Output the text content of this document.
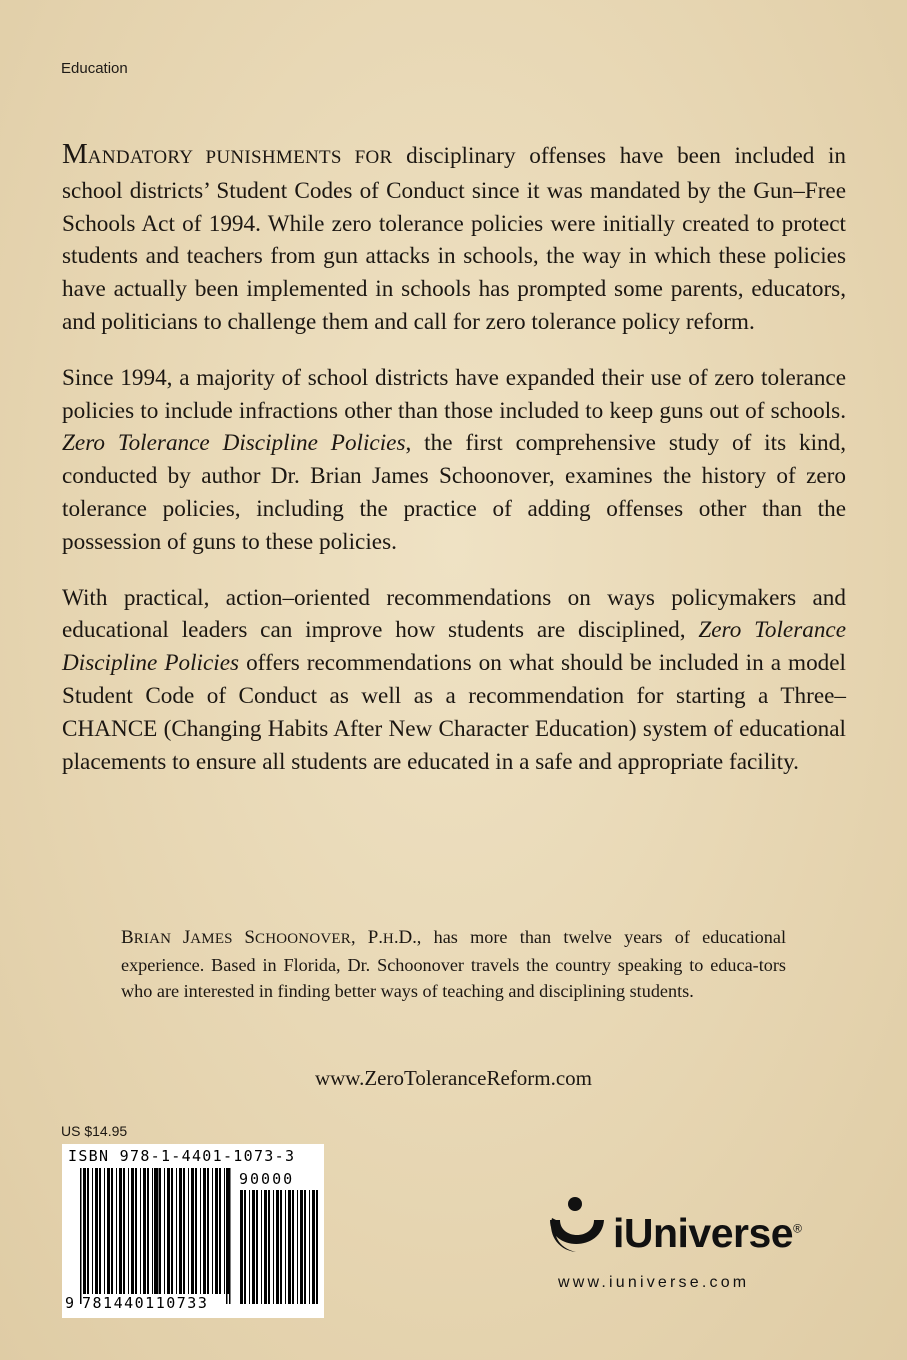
Education

MANDATORY PUNISHMENTS FOR disciplinary offenses have been included in school districts’ Student Codes of Conduct since it was mandated by the Gun–Free Schools Act of 1994. While zero tolerance policies were initially created to protect students and teachers from gun attacks in schools, the way in which these policies have actually been implemented in schools has prompted some parents, educators, and politicians to challenge them and call for zero tolerance policy reform.

Since 1994, a majority of school districts have expanded their use of zero tolerance policies to include infractions other than those included to keep guns out of schools. Zero Tolerance Discipline Policies, the first comprehensive study of its kind, conducted by author Dr. Brian James Schoonover, examines the history of zero tolerance policies, including the practice of adding offenses other than the possession of guns to these policies.

With practical, action–oriented recommendations on ways policymakers and educational leaders can improve how students are disciplined, Zero Tolerance Discipline Policies offers recommendations on what should be included in a model Student Code of Conduct as well as a recommendation for starting a Three–CHANCE (Changing Habits After New Character Education) system of educational placements to ensure all students are educated in a safe and appropriate facility.

BRIAN JAMES SCHOONOVER, P.H.D., has more than twelve years of educational experience. Based in Florida, Dr. Schoonover travels the country speaking to educa-tors who are interested in finding better ways of teaching and disciplining students.
www.ZeroToleranceReform.com
US $14.95
ISBN 978-1-4401-1073-3
90000
9 781440110733
iUniverse®
www.iuniverse.com
